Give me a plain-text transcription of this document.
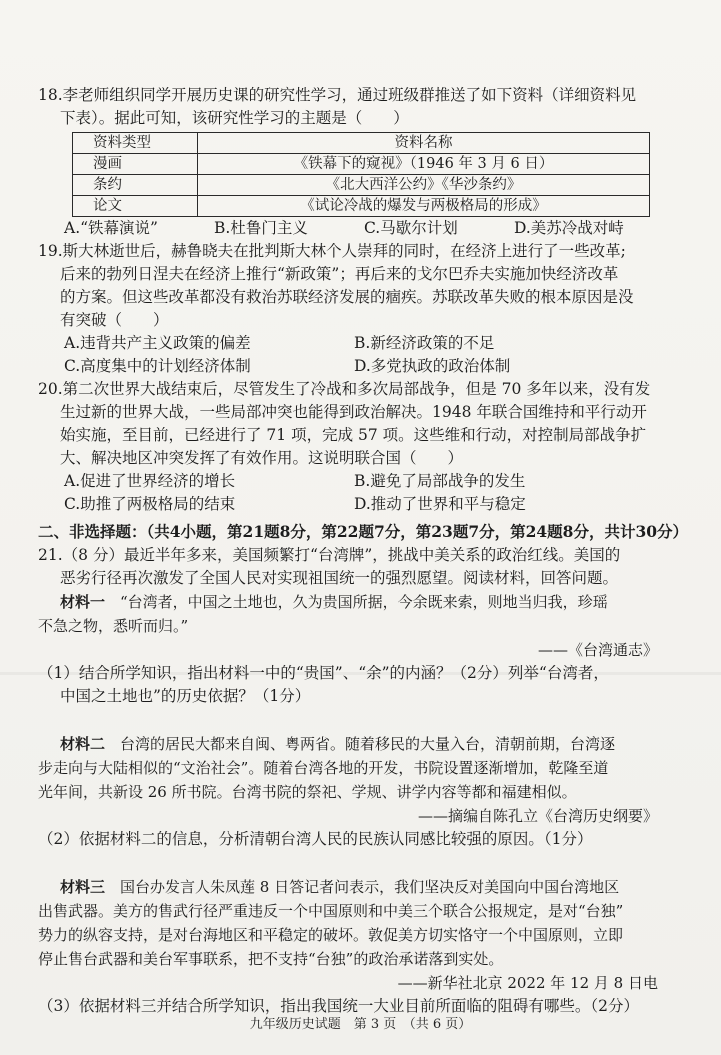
18.李老师组织同学开展历史课的研究性学习，通过班级群推送了如下资料（详细资料见

下表）。据此可知，该研究性学习的主题是（　　）

资料类型	资料名称
漫画	《铁幕下的窥视》（1946 年 3 月 6 日）
条约	《北大西洋公约》《华沙条约》
论文	《试论冷战的爆发与两极格局的形成》
A.“铁幕演说”	B.杜鲁门主义	C.马歇尔计划	D.美苏冷战对峙

19.斯大林逝世后，赫鲁晓夫在批判斯大林个人崇拜的同时，在经济上进行了一些改革;

后来的勃列日涅夫在经济上推行“新政策”；再后来的戈尔巴乔夫实施加快经济改革

的方案。但这些改革都没有救治苏联经济发展的痼疾。苏联改革失败的根本原因是没

有突破（　　）

A.违背共产主义政策的偏差	B.新经济政策的不足
C.高度集中的计划经济体制	D.多党执政的政治体制

20.第二次世界大战结束后，尽管发生了冷战和多次局部战争，但是 70 多年以来，没有发

生过新的世界大战，一些局部冲突也能得到政治解决。1948 年联合国维持和平行动开

始实施，至目前，已经进行了 71 项，完成 57 项。这些维和行动，对控制局部战争扩

大、解决地区冲突发挥了有效作用。这说明联合国（　　）

A.促进了世界经济的增长	B.避免了局部战争的发生
C.助推了两极格局的结束	D.推动了世界和平与稳定

二、非选择题：（共4小题，第21题8分，第22题7分，第23题7分，第24题8分，共计30分）

21.（8 分）最近半年多来，美国频繁打“台湾牌”，挑战中美关系的政治红线。美国的

恶劣行径再次激发了全国人民对实现祖国统一的强烈愿望。阅读材料，回答问题。

材料一　“台湾者，中国之土地也，久为贵国所据，今余既来索，则地当归我，珍瑶

不急之物，悉听而归。”

——《台湾通志》

（1）结合所学知识，指出材料一中的“贵国”、“余”的内涵？（2分）列举“台湾者，

中国之土地也”的历史依据？（1分）

材料二　台湾的居民大都来自闽、粤两省。随着移民的大量入台，清朝前期，台湾逐

步走向与大陆相似的“文治社会”。随着台湾各地的开发，书院设置逐渐增加，乾隆至道

光年间，共新设 26 所书院。台湾书院的祭祀、学规、讲学内容等都和福建相似。

——摘编自陈孔立《台湾历史纲要》

（2）依据材料二的信息，分析清朝台湾人民的民族认同感比较强的原因。（1分）

材料三　国台办发言人朱凤莲 8 日答记者问表示，我们坚决反对美国向中国台湾地区

出售武器。美方的售武行径严重违反一个中国原则和中美三个联合公报规定，是对“台独”

势力的纵容支持，是对台海地区和平稳定的破坏。敦促美方切实恪守一个中国原则，立即

停止售台武器和美台军事联系，把不支持“台独”的政治承诺落到实处。

——新华社北京 2022 年 12 月 8 日电

（3）依据材料三并结合所学知识，指出我国统一大业目前所面临的阻碍有哪些。（2分）

九年级历史试题　第 3 页　（共 6 页）
